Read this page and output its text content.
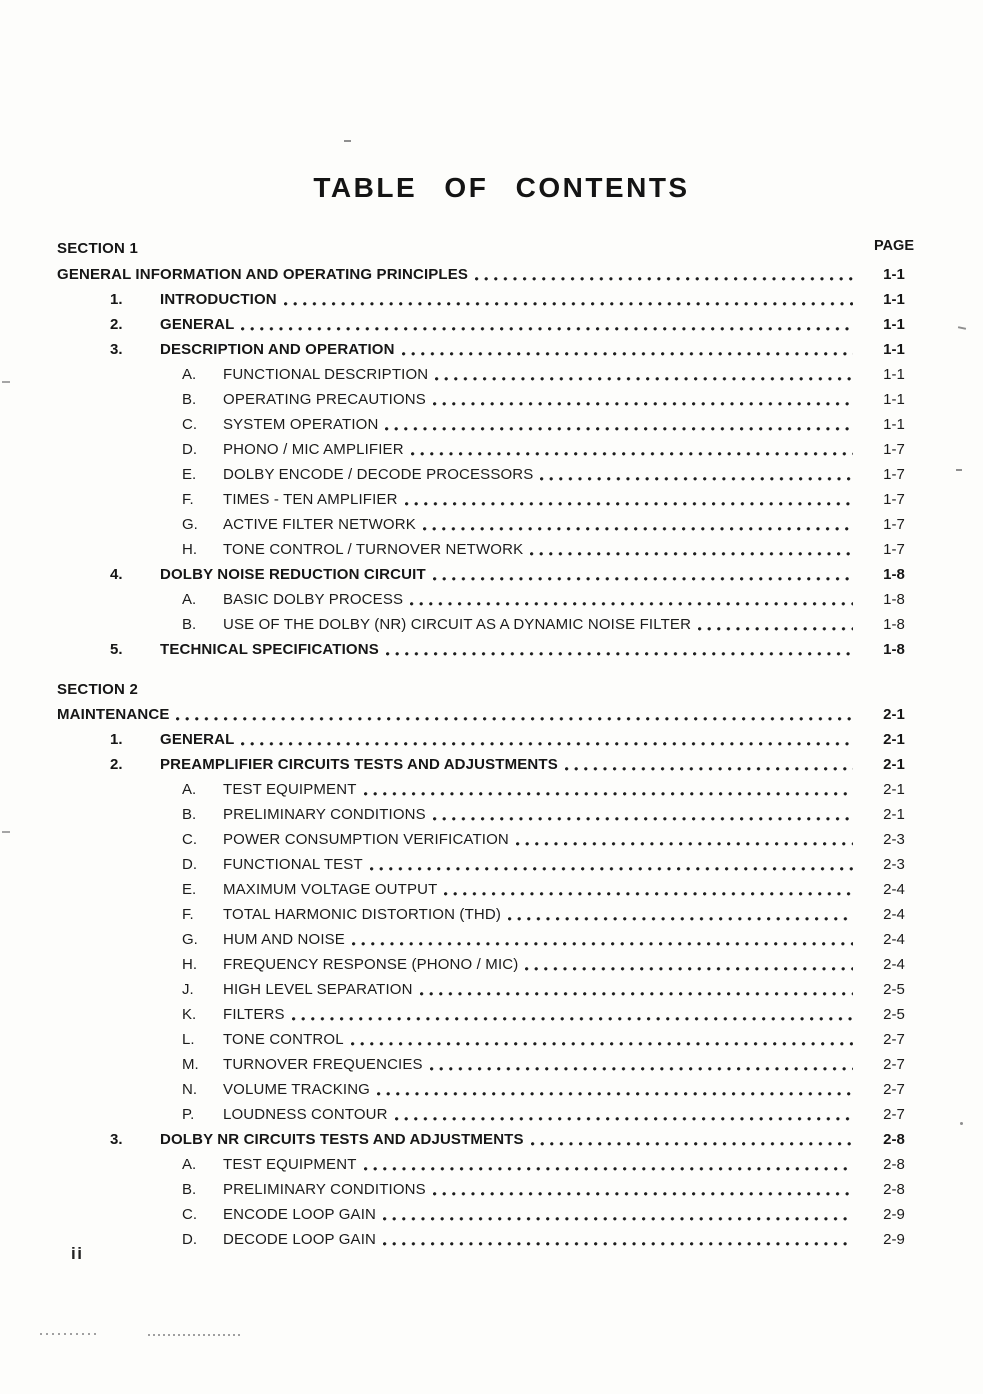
TABLE OF CONTENTS
SECTION 1	PAGE
GENERAL INFORMATION AND OPERATING PRINCIPLES	1-1
1.	INTRODUCTION	1-1
2.	GENERAL	1-1
3.	DESCRIPTION AND OPERATION	1-1
A.	FUNCTIONAL DESCRIPTION	1-1
B.	OPERATING PRECAUTIONS	1-1
C.	SYSTEM OPERATION	1-1
D.	PHONO / MIC AMPLIFIER	1-7
E.	DOLBY ENCODE / DECODE PROCESSORS	1-7
F.	TIMES - TEN AMPLIFIER	1-7
G.	ACTIVE FILTER NETWORK	1-7
H.	TONE CONTROL / TURNOVER NETWORK	1-7
4.	DOLBY NOISE REDUCTION CIRCUIT	1-8
A.	BASIC DOLBY PROCESS	1-8
B.	USE OF THE DOLBY (NR) CIRCUIT AS A DYNAMIC NOISE FILTER	1-8
5.	TECHNICAL SPECIFICATIONS	1-8
SECTION 2
MAINTENANCE	2-1
1.	GENERAL	2-1
2.	PREAMPLIFIER CIRCUITS TESTS AND ADJUSTMENTS	2-1
A.	TEST EQUIPMENT	2-1
B.	PRELIMINARY CONDITIONS	2-1
C.	POWER CONSUMPTION VERIFICATION	2-3
D.	FUNCTIONAL TEST	2-3
E.	MAXIMUM VOLTAGE OUTPUT	2-4
F.	TOTAL HARMONIC DISTORTION (THD)	2-4
G.	HUM AND NOISE	2-4
H.	FREQUENCY RESPONSE (PHONO / MIC)	2-4
J.	HIGH LEVEL SEPARATION	2-5
K.	FILTERS	2-5
L.	TONE CONTROL	2-7
M.	TURNOVER FREQUENCIES	2-7
N.	VOLUME TRACKING	2-7
P.	LOUDNESS CONTOUR	2-7
3.	DOLBY NR CIRCUITS TESTS AND ADJUSTMENTS	2-8
A.	TEST EQUIPMENT	2-8
B.	PRELIMINARY CONDITIONS	2-8
C.	ENCODE LOOP GAIN	2-9
D.	DECODE LOOP GAIN	2-9
ii
